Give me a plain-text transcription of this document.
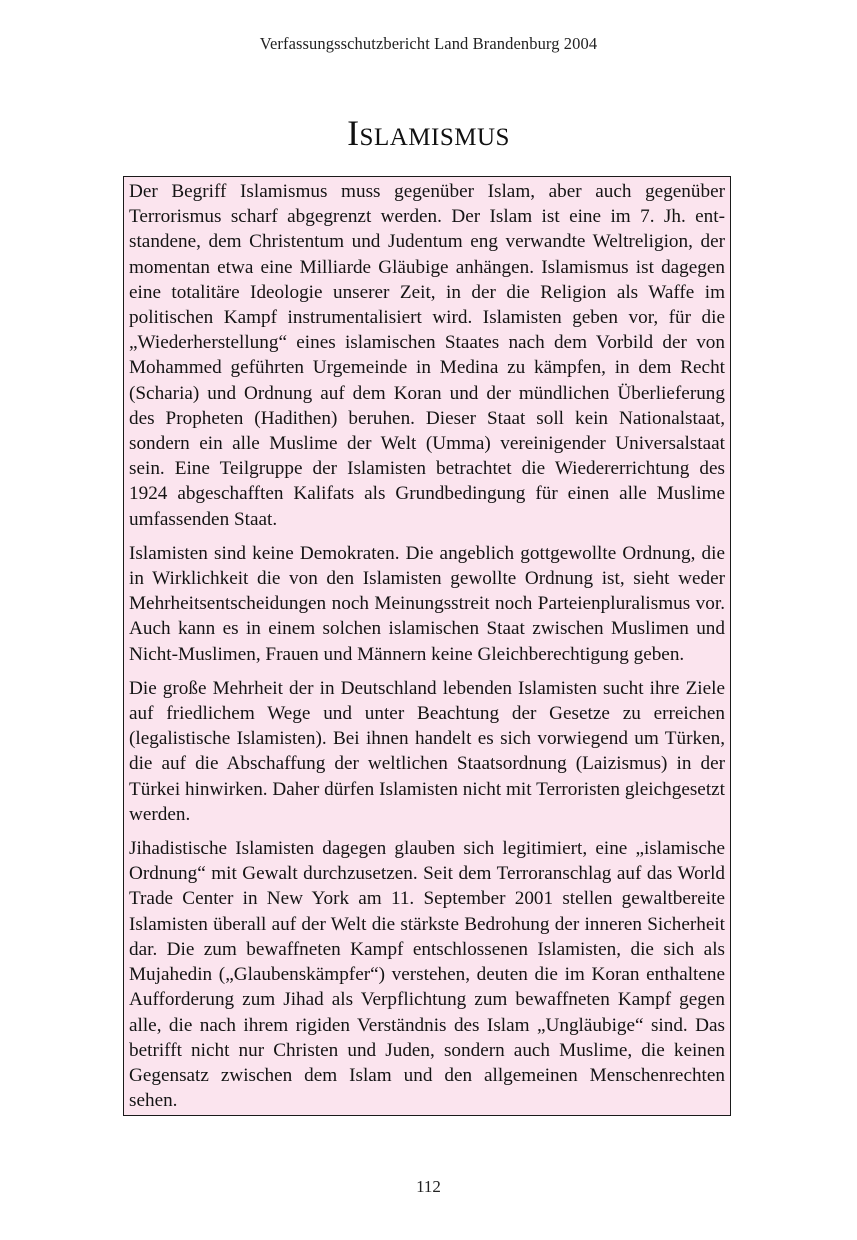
Verfassungsschutzbericht Land Brandenburg 2004
Islamismus

Der Begriff Islamismus muss gegenüber Islam, aber auch gegenüber Terrorismus scharf abgegrenzt werden. Der Islam ist eine im 7. Jh. entstandene, dem Christentum und Judentum eng verwandte Weltreligion, der momentan etwa eine Milliarde Gläubige anhängen. Islamismus ist dagegen eine totalitäre Ideologie unserer Zeit, in der die Religion als Waffe im politischen Kampf instrumentalisiert wird. Islamisten geben vor, für die „Wiederherstellung“ eines islamischen Staates nach dem Vorbild der von Mohammed geführten Urgemeinde in Medina zu kämpfen, in dem Recht (Scharia) und Ordnung auf dem Koran und der mündlichen Überlieferung des Propheten (Hadithen) beruhen. Dieser Staat soll kein Nationalstaat, sondern ein alle Muslime der Welt (Umma) vereinigender Universalstaat sein. Eine Teilgruppe der Islamisten betrachtet die Wiedererrichtung des 1924 abgeschafften Kalifats als Grundbedingung für einen alle Muslime umfassenden Staat.

Islamisten sind keine Demokraten. Die angeblich gottgewollte Ordnung, die in Wirklichkeit die von den Islamisten gewollte Ordnung ist, sieht weder Mehrheitsentscheidungen noch Meinungsstreit noch Parteienpluralismus vor. Auch kann es in einem solchen islamischen Staat zwischen Muslimen und Nicht-Muslimen, Frauen und Männern keine Gleichberechtigung geben.

Die große Mehrheit der in Deutschland lebenden Islamisten sucht ihre Ziele auf friedlichem Wege und unter Beachtung der Gesetze zu erreichen (legalistische Islamisten). Bei ihnen handelt es sich vorwiegend um Türken, die auf die Abschaffung der weltlichen Staatsordnung (Laizismus) in der Türkei hinwirken. Daher dürfen Islamisten nicht mit Terroristen gleichgesetzt werden.

Jihadistische Islamisten dagegen glauben sich legitimiert, eine „islamische Ordnung“ mit Gewalt durchzusetzen. Seit dem Terroranschlag auf das World Trade Center in New York am 11. September 2001 stellen gewaltbereite Islamisten überall auf der Welt die stärkste Bedrohung der inneren Sicherheit dar. Die zum bewaffneten Kampf entschlossenen Islamisten, die sich als Mujahedin („Glaubenskämpfer“) verstehen, deuten die im Koran enthaltene Aufforderung zum Jihad als Verpflichtung zum bewaffneten Kampf gegen alle, die nach ihrem rigiden Verständnis des Islam „Ungläubige“ sind. Das betrifft nicht nur Christen und Juden, sondern auch Muslime, die keinen Gegensatz zwischen dem Islam und den allgemeinen Menschenrechten sehen.

112
